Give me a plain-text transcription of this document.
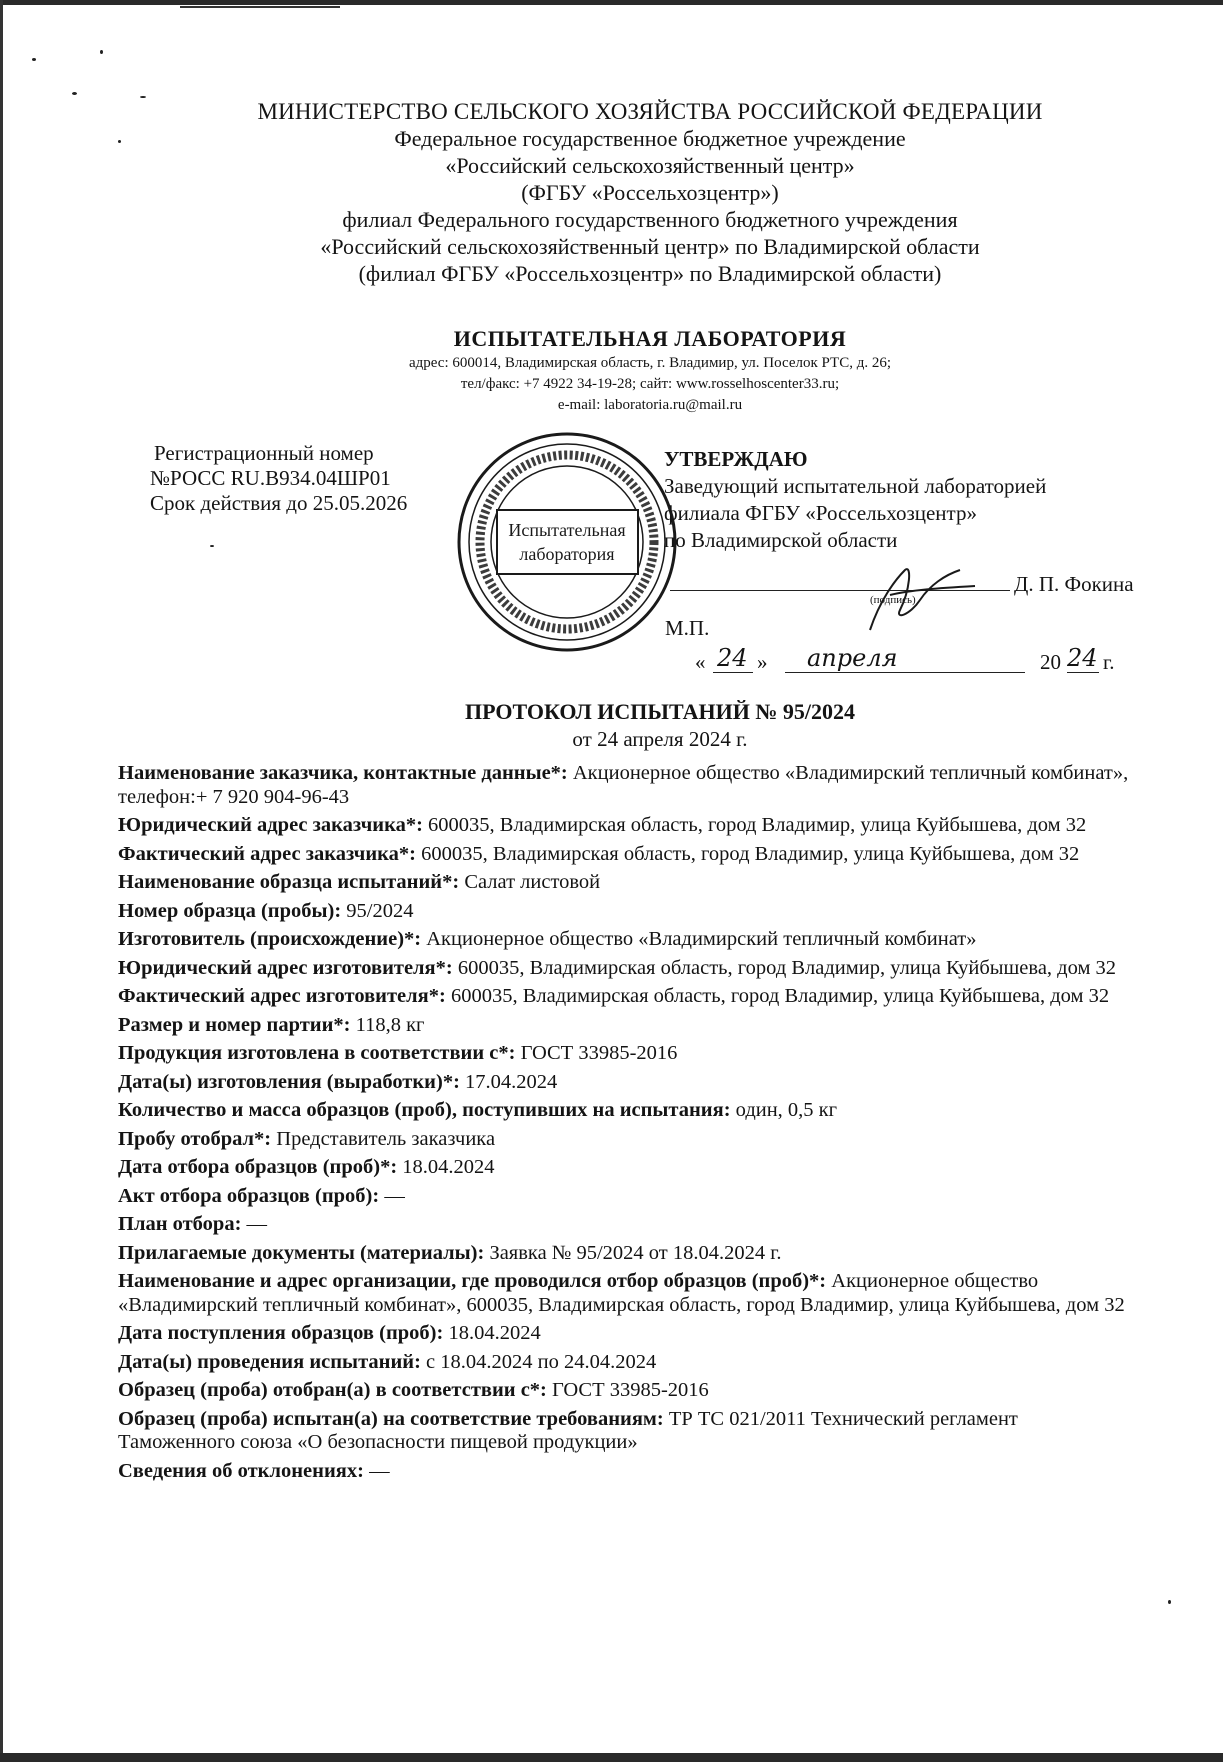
МИНИСТЕРСТВО СЕЛЬСКОГО ХОЗЯЙСТВА РОССИЙСКОЙ ФЕДЕРАЦИИ
Федеральное государственное бюджетное учреждение
«Российский сельскохозяйственный центр»
(ФГБУ «Россельхозцентр»)
филиал Федерального государственного бюджетного учреждения
«Российский сельскохозяйственный центр» по Владимирской области
(филиал ФГБУ «Россельхозцентр» по Владимирской области)
ИСПЫТАТЕЛЬНАЯ ЛАБОРАТОРИЯ
адрес: 600014, Владимирская область, г. Владимир, ул. Поселок РТС, д. 26;
тел/факс: +7 4922 34-19-28; сайт: www.rosselhoscenter33.ru;
e-mail: laboratoria.ru@mail.ru
Регистрационный номер
№РОСС RU.B934.04ШР01
Срок действия до 25.05.2026
Испытательная
лаборатория
УТВЕРЖДАЮ
Заведующий испытательной лабораторией
филиала ФГБУ «Россельхозцентр»
по Владимирской области
Д. П. Фокина
(подпись)
М.П.
« 24 » апреля	20 24 г.
ПРОТОКОЛ ИСПЫТАНИЙ № 95/2024
от 24 апреля 2024 г.
Наименование заказчика, контактные данные*: Акционерное общество «Владимирский тепличный комбинат», телефон:+ 7 920 904-96-43
Юридический адрес заказчика*: 600035, Владимирская область, город Владимир, улица Куйбышева, дом 32
Фактический адрес заказчика*: 600035, Владимирская область, город Владимир, улица Куйбышева, дом 32
Наименование образца испытаний*: Салат листовой
Номер образца (пробы): 95/2024
Изготовитель (происхождение)*: Акционерное общество «Владимирский тепличный комбинат»
Юридический адрес изготовителя*: 600035, Владимирская область, город Владимир, улица Куйбышева, дом 32
Фактический адрес изготовителя*: 600035, Владимирская область, город Владимир, улица Куйбышева, дом 32
Размер и номер партии*: 118,8 кг
Продукция изготовлена в соответствии с*: ГОСТ 33985-2016
Дата(ы) изготовления (выработки)*: 17.04.2024
Количество и масса образцов (проб), поступивших на испытания: один, 0,5 кг
Пробу отобрал*: Представитель заказчика
Дата отбора образцов (проб)*: 18.04.2024
Акт отбора образцов (проб): —
План отбора: —
Прилагаемые документы (материалы): Заявка № 95/2024 от 18.04.2024 г.
Наименование и адрес организации, где проводился отбор образцов (проб)*: Акционерное общество «Владимирский тепличный комбинат», 600035, Владимирская область, город Владимир, улица Куйбышева, дом 32
Дата поступления образцов (проб): 18.04.2024
Дата(ы) проведения испытаний: с 18.04.2024 по 24.04.2024
Образец (проба) отобран(а) в соответствии с*: ГОСТ 33985-2016
Образец (проба) испытан(а) на соответствие требованиям: ТР ТС 021/2011 Технический регламент Таможенного союза «О безопасности пищевой продукции»
Сведения об отклонениях: —
